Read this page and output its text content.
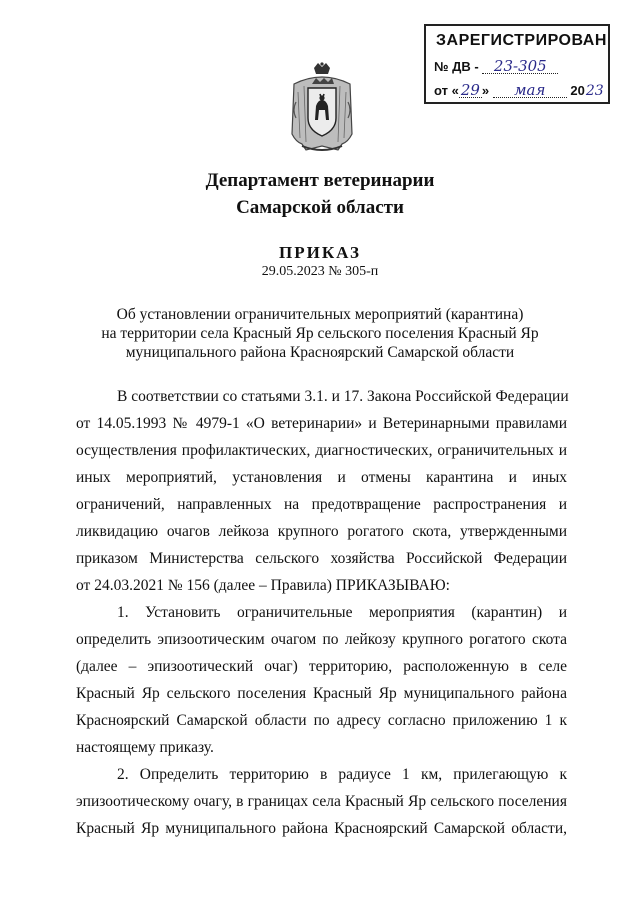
ЗАРЕГИСТРИРОВАН
№ ДВ - 23-305
от « 29 » мая 2023
Департамент ветеринарии
Самарской области
ПРИКАЗ
29.05.2023 № 305-п
Об установлении ограничительных мероприятий (карантина)
на территории села Красный Яр сельского поселения Красный Яр
муниципального района Красноярский Самарской области
В соответствии со статьями 3.1. и 17. Закона Российской Федерации
от 14.05.1993 № 4979-1 «О ветеринарии» и Ветеринарными правилами
осуществления профилактических, диагностических, ограничительных и
иных мероприятий, установления и отмены карантина и иных
ограничений, направленных на предотвращение распространения и
ликвидацию очагов лейкоза крупного рогатого скота, утвержденными
приказом Министерства сельского хозяйства Российской Федерации
от 24.03.2021 № 156 (далее – Правила) ПРИКАЗЫВАЮ:
1. Установить ограничительные мероприятия (карантин) и
определить эпизоотическим очагом по лейкозу крупного рогатого скота
(далее – эпизоотический очаг) территорию, расположенную в селе
Красный Яр сельского поселения Красный Яр муниципального района
Красноярский Самарской области по адресу согласно приложению 1 к
настоящему приказу.
2. Определить территорию в радиусе 1 км, прилегающую к
эпизоотическому очагу, в границах села Красный Яр сельского поселения
Красный Яр муниципального района Красноярский Самарской области,
